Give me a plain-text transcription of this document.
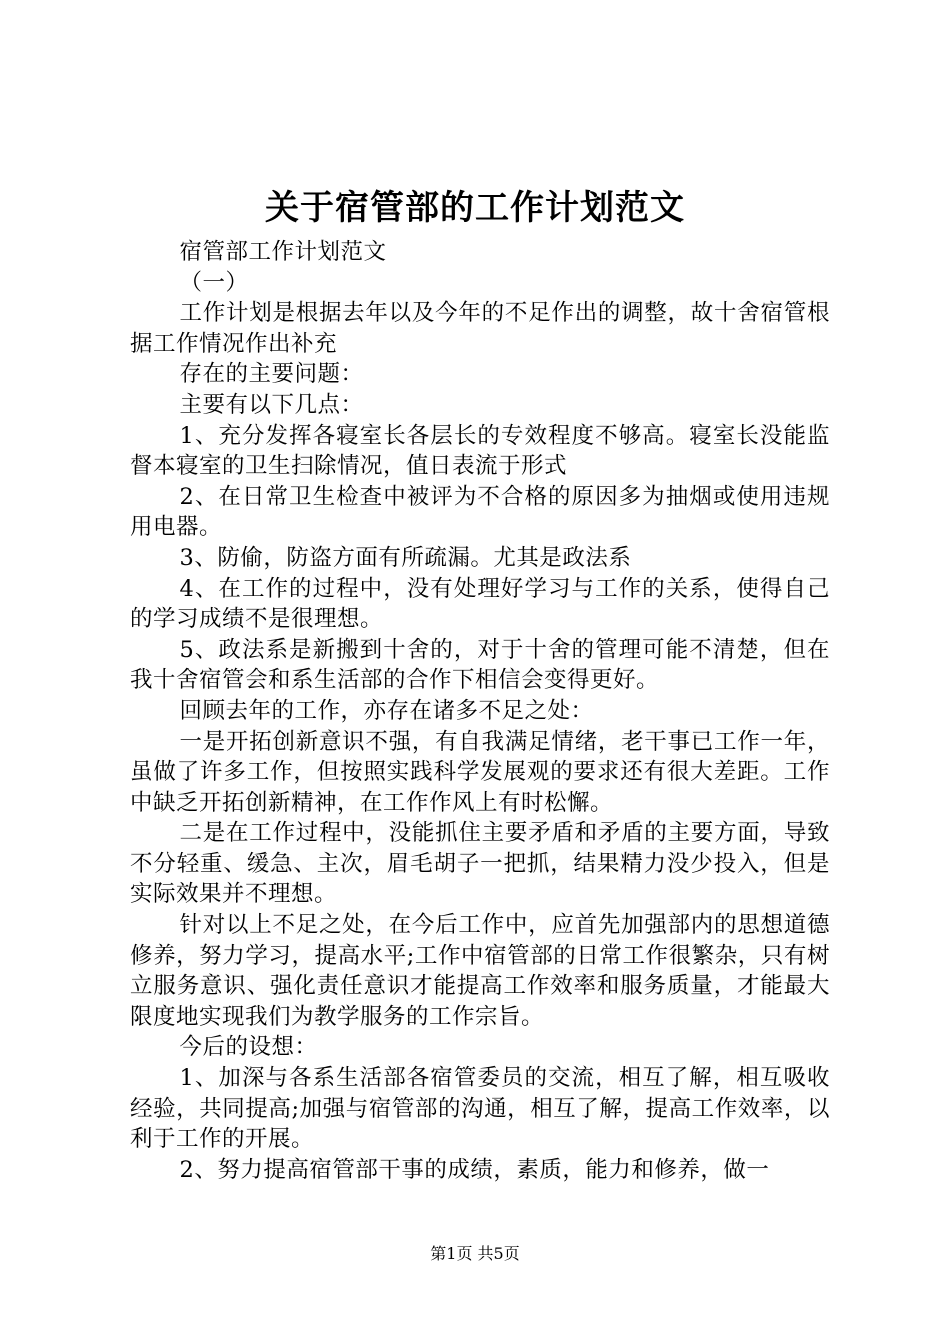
关于宿管部的工作计划范文

宿管部工作计划范文

（一）

工作计划是根据去年以及今年的不足作出的调整，故十舍宿管根据工作情况作出补充

存在的主要问题：

主要有以下几点：

1、充分发挥各寝室长各层长的专效程度不够高。寝室长没能监督本寝室的卫生扫除情况，值日表流于形式

2、在日常卫生检查中被评为不合格的原因多为抽烟或使用违规用电器。

3、防偷，防盗方面有所疏漏。尤其是政法系

4、在工作的过程中，没有处理好学习与工作的关系，使得自己的学习成绩不是很理想。

5、政法系是新搬到十舍的，对于十舍的管理可能不清楚，但在我十舍宿管会和系生活部的合作下相信会变得更好。

回顾去年的工作，亦存在诸多不足之处：

一是开拓创新意识不强，有自我满足情绪，老干事已工作一年，虽做了许多工作，但按照实践科学发展观的要求还有很大差距。工作中缺乏开拓创新精神，在工作作风上有时松懈。

二是在工作过程中，没能抓住主要矛盾和矛盾的主要方面，导致不分轻重、缓急、主次，眉毛胡子一把抓，结果精力没少投入，但是实际效果并不理想。

针对以上不足之处，在今后工作中，应首先加强部内的思想道德修养，努力学习，提高水平;工作中宿管部的日常工作很繁杂，只有树立服务意识、强化责任意识才能提高工作效率和服务质量，才能最大限度地实现我们为教学服务的工作宗旨。

今后的设想：

1、加深与各系生活部各宿管委员的交流，相互了解，相互吸收经验，共同提高;加强与宿管部的沟通，相互了解，提高工作效率，以利于工作的开展。

2、努力提高宿管部干事的成绩，素质，能力和修养，做一

第1页 共5页
